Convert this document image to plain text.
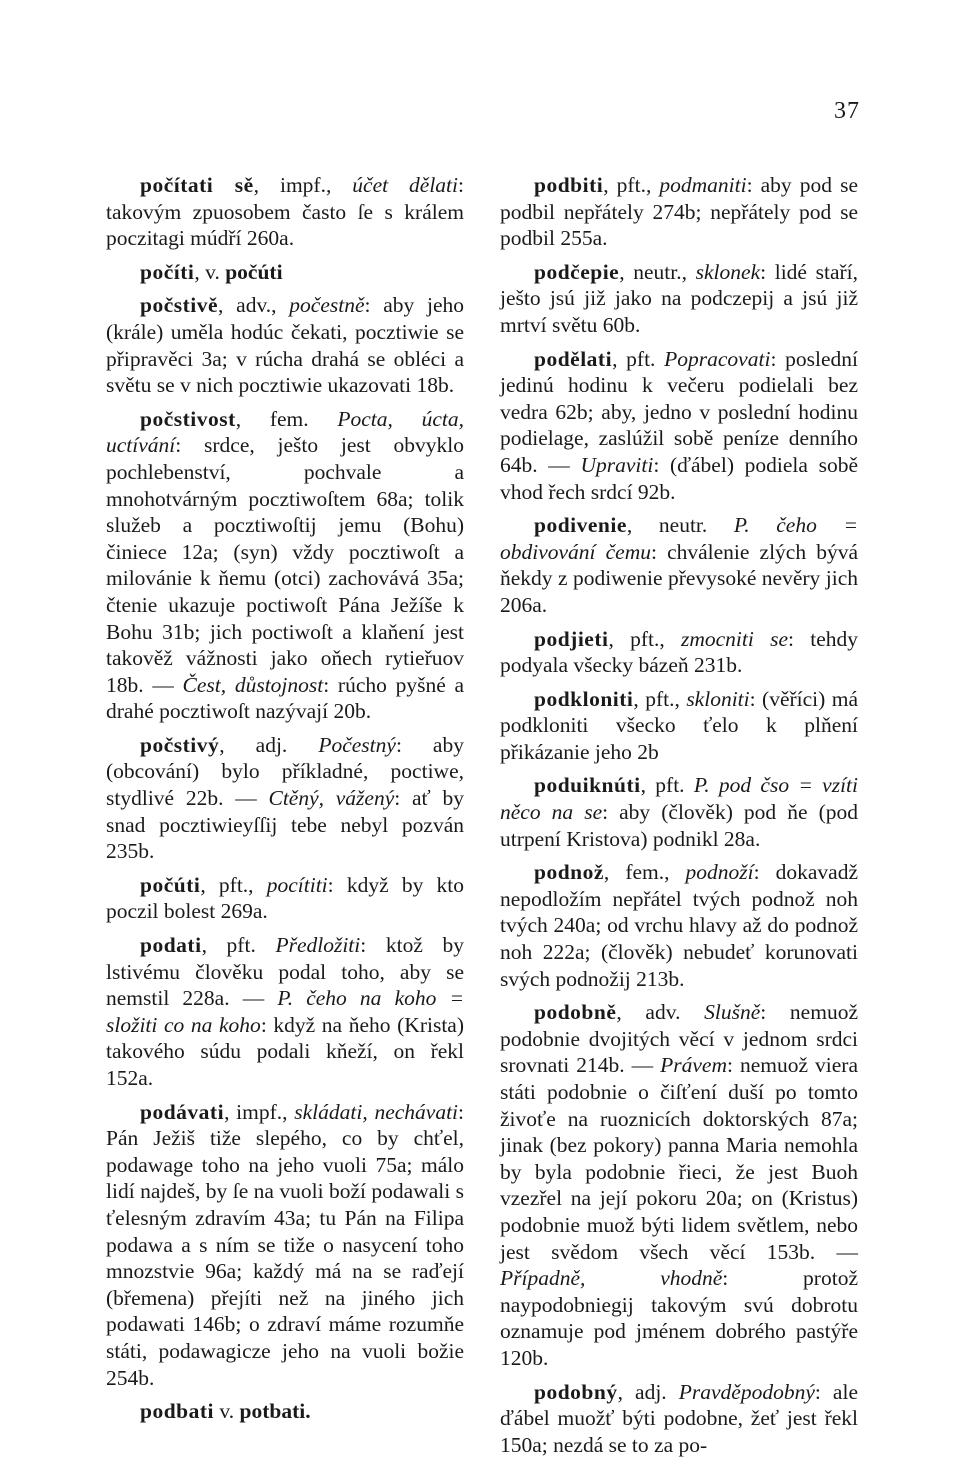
37

počítati sě, impf., účet dělati: takovým zpuosobem často ſe s králem poczitagi múdří 260a.

počíti, v. počúti

počstivě, adv., počestně: aby jeho (krále) uměla hodúc čekati, pocztiwie se připravěci 3a; v rúcha drahá se obléci a světu se v nich pocztiwie ukazovati 18b.

počstivost, fem. Pocta, úcta, uctívání: srdce, ješto jest obvyklo pochlebenství, pochvale a mnohotvárným pocztiwoſtem 68a; tolik služeb a pocztiwoſtij jemu (Bohu) činiece 12a; (syn) vždy pocztiwoſt a milovánie k ňemu (otci) zachovává 35a; čtenie ukazuje poctiwoſt Pána Ježíše k Bohu 31b; jich poctiwoſt a klaňení jest takověž vážnosti jako oňech rytieřuov 18b. — Čest, důstojnost: rúcho pyšné a drahé pocztiwoſt nazývají 20b.

počstivý, adj. Počestný: aby (obcování) bylo příkladné, poctiwe, stydlivé 22b. — Ctěný, vážený: ať by snad pocztiwieyſſij tebe nebyl pozván 235b.

počúti, pft., pocítiti: když by kto poczil bolest 269a.

podati, pft. Předložiti: ktož by lstivému člověku podal toho, aby se nemstil 228a. — P. čeho na koho = složiti co na koho: když na ňeho (Krista) takového súdu podali kňeží, on řekl 152a.

podávati, impf., skládati, nechávati: Pán Ježiš tiže slepého, co by chťel, podawage toho na jeho vuoli 75a; málo lidí najdeš, by ſe na vuoli boží podawali s ťelesným zdravím 43a; tu Pán na Filipa podawa a s ním se tiže o nasycení toho mnozstvie 96a; každý má na se raďejí (břemena) přejíti než na jiného jich podawati 146b; o zdraví máme rozumňe státi, podawagicze jeho na vuoli božie 254b.

podbati v. potbati.

podbiti, pft., podmaniti: aby pod se podbil nepřátely 274b; nepřátely pod se podbil 255a.

podčepie, neutr., sklonek: lidé staří, ješto jsú již jako na podczepij a jsú již mrtví světu 60b.

podělati, pft. Popracovati: poslední jedinú hodinu k večeru podielali bez vedra 62b; aby, jedno v poslední hodinu podielage, zaslúžil sobě peníze denního 64b. — Upraviti: (ďábel) podiela sobě vhod řech srdcí 92b.

podivenie, neutr. P. čeho = obdivování čemu: chválenie zlých bývá ňekdy z podiwenie převysoké nevěry jich 206a.

podjieti, pft., zmocniti se: tehdy podyala všecky bázeň 231b.

podkloniti, pft., skloniti: (věříci) má podkloniti všecko ťelo k plňení přikázanie jeho 2b

poduiknúti, pft. P. pod čso = vzíti něco na se: aby (člověk) pod ňe (pod utrpení Kristova) podnikl 28a.

podnož, fem., podnoží: dokavadž nepodložím nepřátel tvých podnož noh tvých 240a; od vrchu hlavy až do podnož noh 222a; (člověk) nebudeť korunovati svých podnožij 213b.

podobně, adv. Slušně: nemuož podobnie dvojitých věcí v jednom srdci srovnati 214b. — Právem: nemuož viera státi podobnie o čiſťení duší po tomto živoťe na ruoznicích doktorských 87a; jinak (bez pokory) panna Maria nemohla by byla podobnie řieci, že jest Buoh vzezřel na její pokoru 20a; on (Kristus) podobnie muož býti lidem světlem, nebo jest svědom všech věcí 153b. — Případně, vhodně: protož naypodobniegij takovým svú dobrotu oznamuje pod jménem dobrého pastýře 120b.

podobný, adj. Pravděpodobný: ale ďábel muožť býti podobne, žeť jest řekl 150a; nezdá se to za po-
